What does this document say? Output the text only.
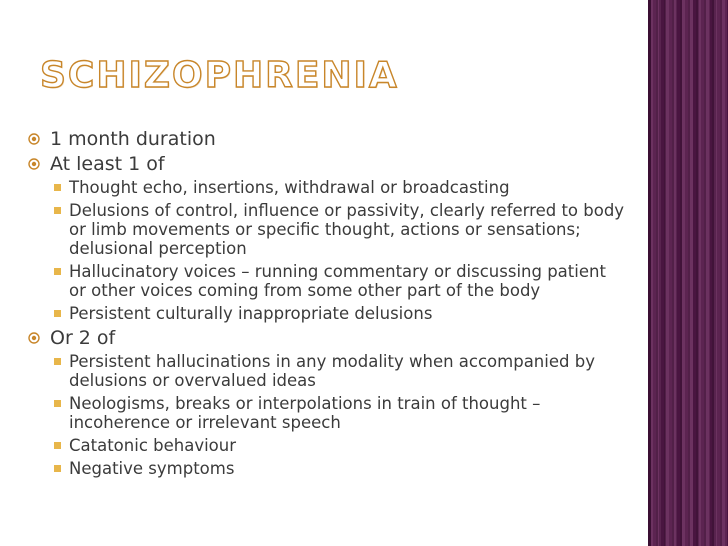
SCHIZOPHRENIA
1 month duration
At least 1 of
Thought echo, insertions, withdrawal or broadcasting
Delusions of control, influence or passivity, clearly referred to body or limb movements or specific thought, actions or sensations; delusional perception
Hallucinatory voices – running commentary or discussing patient or other voices coming from some other part of the body
Persistent culturally inappropriate delusions
Or 2 of
Persistent hallucinations in any modality when accompanied by delusions or overvalued ideas
Neologisms, breaks or interpolations in train of thought – incoherence or irrelevant speech
Catatonic behaviour
Negative symptoms
